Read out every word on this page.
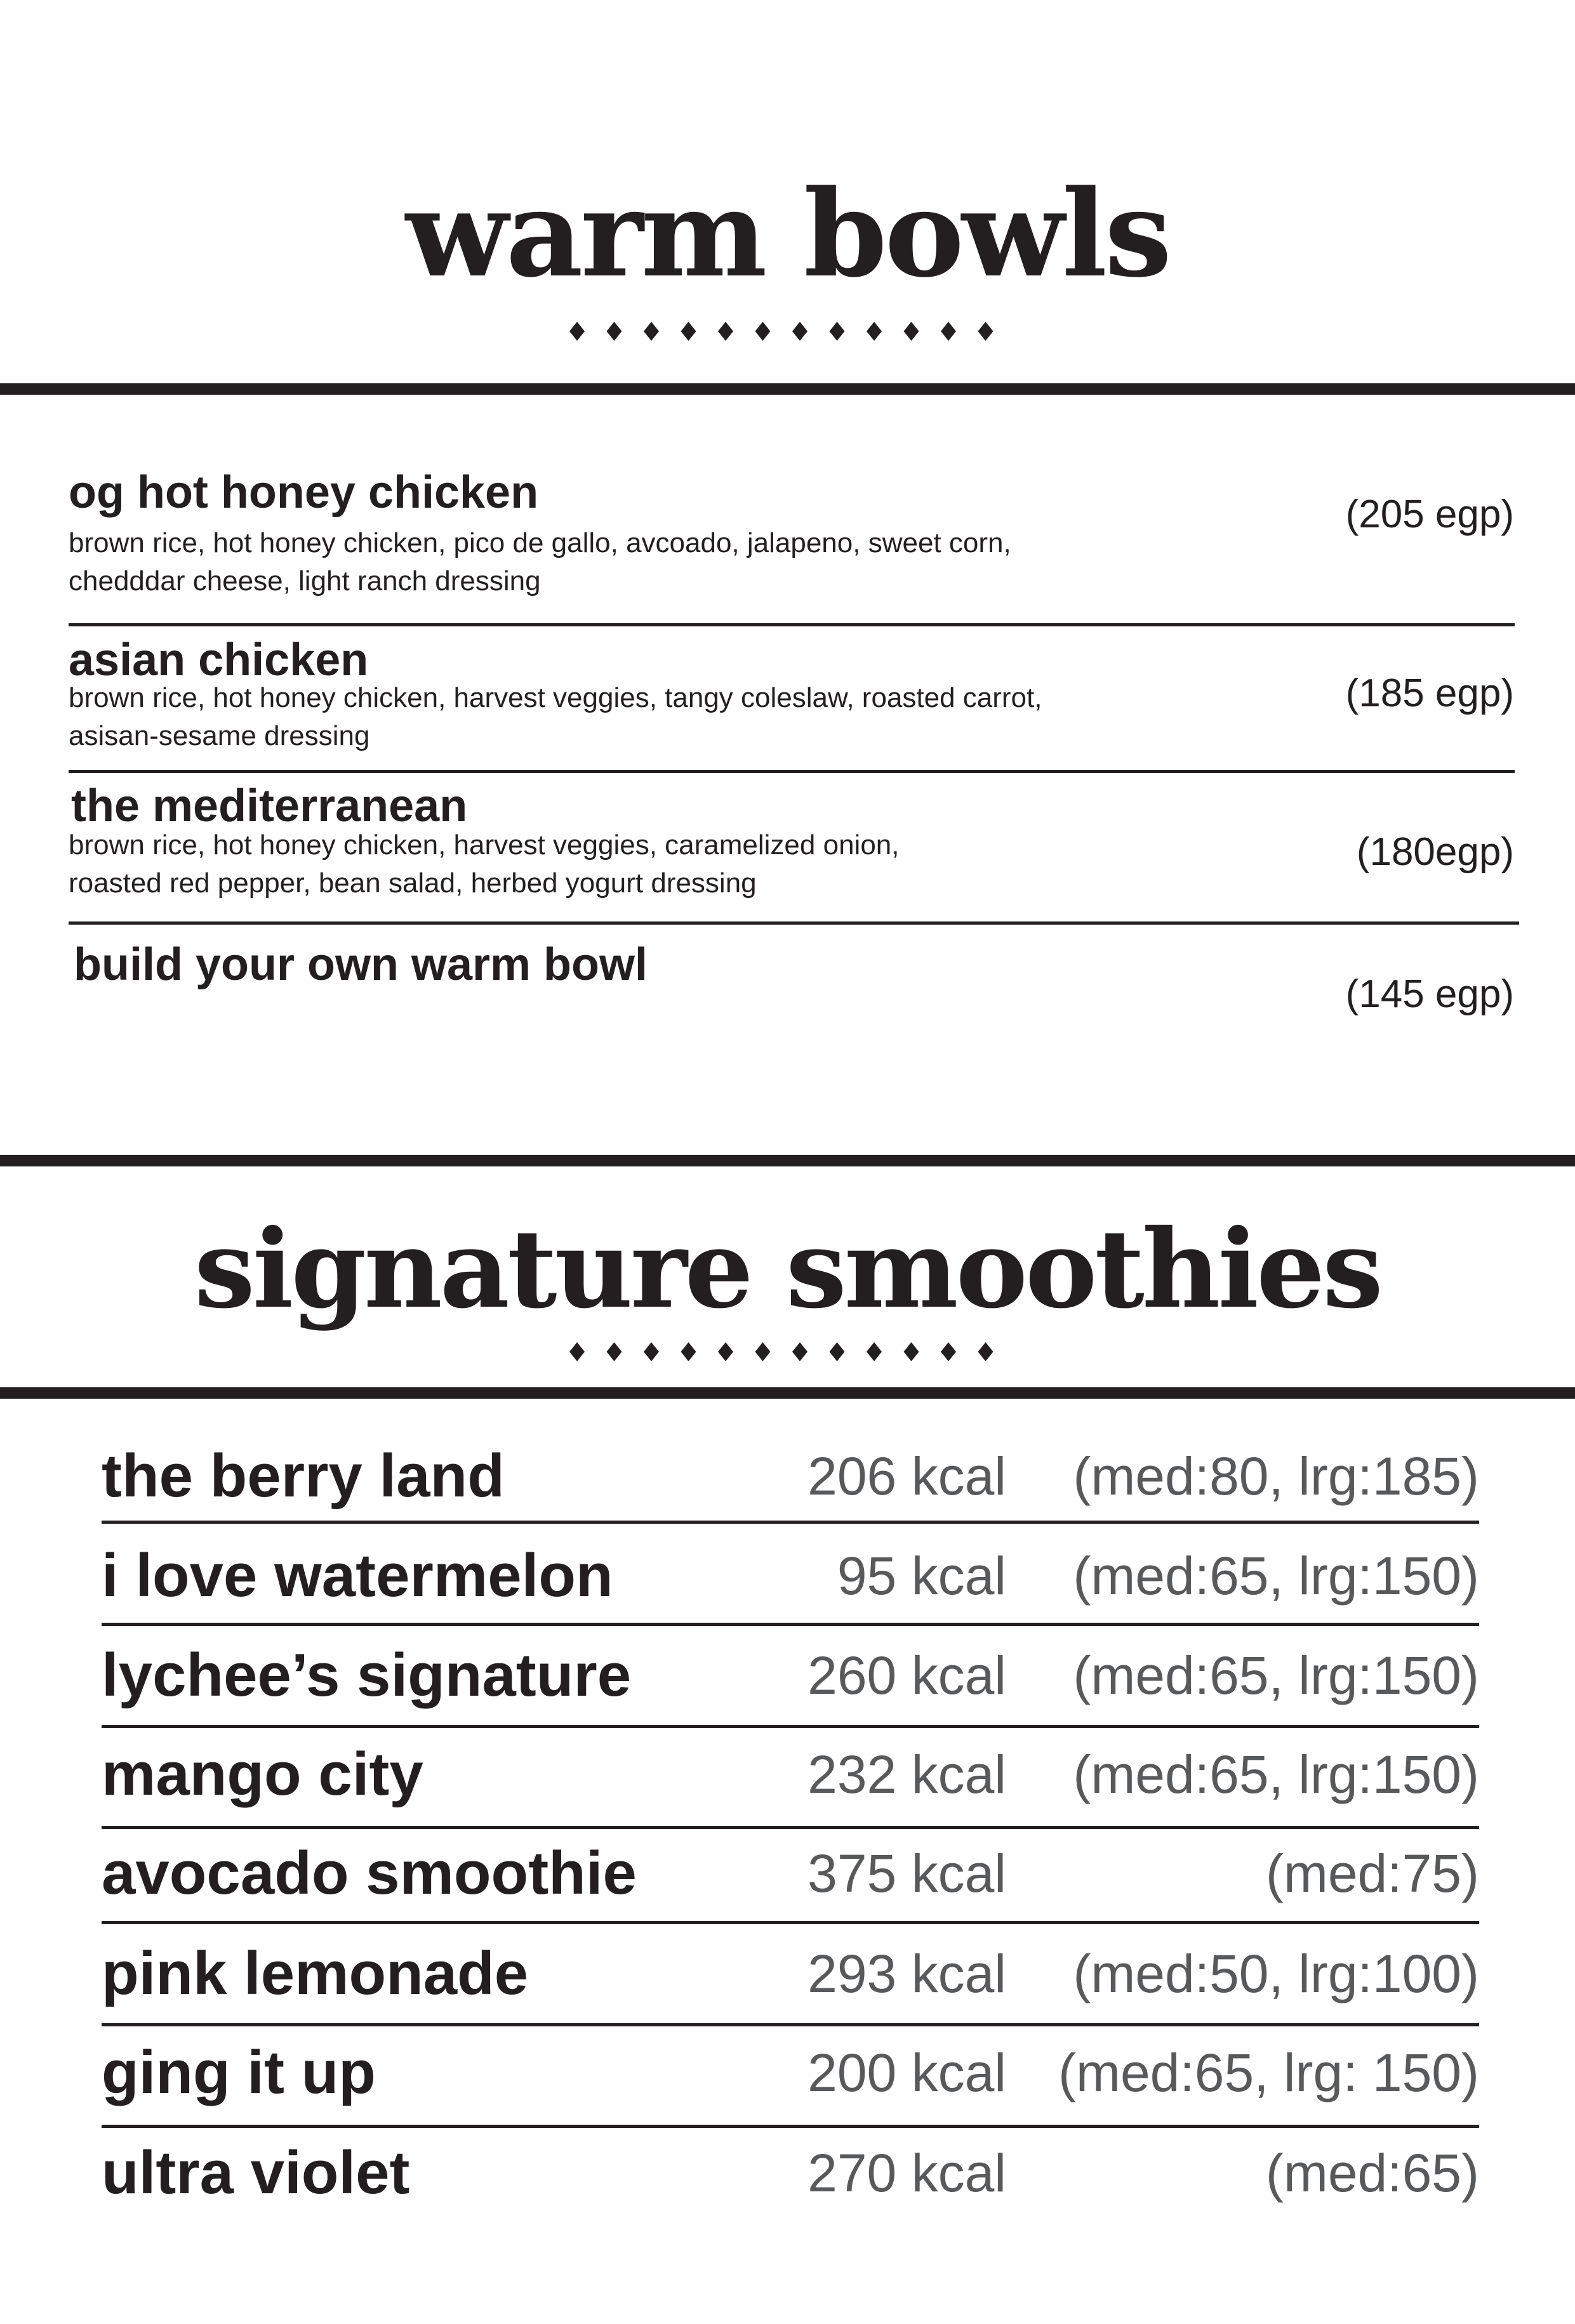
warm bowls
og hot honey chicken
brown rice, hot honey chicken, pico de gallo, avcoado, jalapeno, sweet corn,
chedddar cheese, light ranch dressing
(205 egp)
asian chicken
brown rice, hot honey chicken, harvest veggies, tangy coleslaw, roasted carrot,
asisan-sesame dressing
(185 egp)
the mediterranean
brown rice, hot honey chicken, harvest veggies, caramelized onion,
roasted red pepper, bean salad, herbed yogurt dressing
(180egp)
build your own warm bowl
(145 egp)
signature smoothies
the berry land	206 kcal (med:80, lrg:185)
i love watermelon	95 kcal (med:65, lrg:150)
lychee’s signature	260 kcal (med:65, lrg:150)
mango city	232 kcal (med:65, lrg:150)
avocado smoothie	375 kcal	(med:75)
pink lemonade	293 kcal (med:50, lrg:100)
ging it up	200 kcal (med:65, lrg: 150)
ultra violet	270 kcal	(med:65)
